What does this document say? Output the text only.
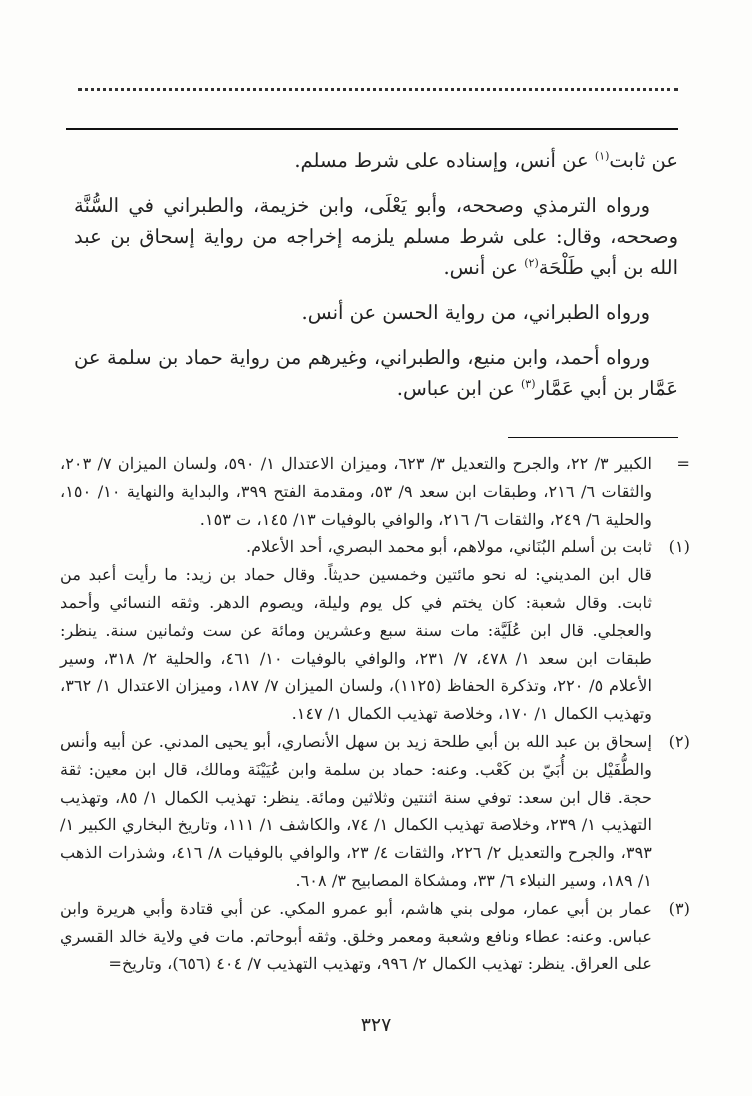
عن ثابت$^{(١)}$ عن أنس، وإسناده على شرط مسلم.

ورواه الترمذي وصححه، وأبو يَعْلَى، وابن خزيمة، والطبراني في السُّنَّة وصححه، وقال: على شرط مسلم يلزمه إخراجه من رواية إسحاق بن عبد الله بن أبي طَلْحَة$^{(٢)}$ عن أنس.

ورواه الطبراني، من رواية الحسن عن أنس.

ورواه أحمد، وابن منيع، والطبراني، وغيرهم من رواية حماد بن سلمة عن عَمَّار بن أبي عَمَّار$^{(٣)}$ عن ابن عباس.

=
الكبير ٣/ ٢٢، والجرح والتعديل ٣/ ٦٢٣، وميزان الاعتدال ١/ ٥٩٠، ولسان الميزان ٧/ ٢٠٣، والثقات ٦/ ٢١٦، وطبقات ابن سعد ٩/ ٥٣، ومقدمة الفتح ٣٩٩، والبداية والنهاية ١٠/ ١٥٠، والحلية ٦/ ٢٤٩، والثقات ٦/ ٢١٦، والوافي بالوفيات ١٣/ ١٤٥، ت ١٥٣.
(١)

ثابت بن أسلم البُنَاني، مولاهم، أبو محمد البصري، أحد الأعلام.

قال ابن المديني: له نحو مائتين وخمسين حديثاً. وقال حماد بن زيد: ما رأيت أعبد من ثابت. وقال شعبة: كان يختم في كل يوم وليلة، ويصوم الدهر. وثقه النسائي وأحمد والعجلي. قال ابن عُلَيَّة: مات سنة سبع وعشرين ومائة عن ست وثمانين سنة. ينظر: طبقات ابن سعد ١/ ٤٧٨، ٧/ ٢٣١، والوافي بالوفيات ١٠/ ٤٦١، والحلية ٢/ ٣١٨، وسير الأعلام ٥/ ٢٢٠، وتذكرة الحفاظ (١١٢٥)، ولسان الميزان ٧/ ١٨٧، وميزان الاعتدال ١/ ٣٦٢، وتهذيب الكمال ١/ ١٧٠، وخلاصة تهذيب الكمال ١/ ١٤٧.

(٢)

إسحاق بن عبد الله بن أبي طلحة زيد بن سهل الأنصاري، أبو يحيى المدني. عن أبيه وأنس والطُّفَيْل بن أُبَيّ بن كَعْب. وعنه: حماد بن سلمة وابن عُيَيْنَة ومالك، قال ابن معين: ثقة حجة. قال ابن سعد: توفي سنة اثنتين وثلاثين ومائة. ينظر: تهذيب الكمال ١/ ٨٥، وتهذيب التهذيب ١/ ٢٣٩، وخلاصة تهذيب الكمال ١/ ٧٤، والكاشف ١/ ١١١، وتاريخ البخاري الكبير ١/ ٣٩٣، والجرح والتعديل ٢/ ٢٢٦، والثقات ٤/ ٢٣، والوافي بالوفيات ٨/ ٤١٦، وشذرات الذهب ١/ ١٨٩، وسير النبلاء ٦/ ٣٣، ومشكاة المصابيح ٣/ ٦٠٨.

(٣)

عمار بن أبي عمار، مولى بني هاشم، أبو عمرو المكي. عن أبي قتادة وأبي هريرة وابن عباس. وعنه: عطاء ونافع وشعبة ومعمر وخلق. وثقه أبوحاتم. مات في ولاية خالد القسري على العراق. ينظر: تهذيب الكمال ٢/ ٩٩٦، وتهذيب التهذيب ٧/ ٤٠٤ (٦٥٦)، وتاريخ=

٣٢٧
